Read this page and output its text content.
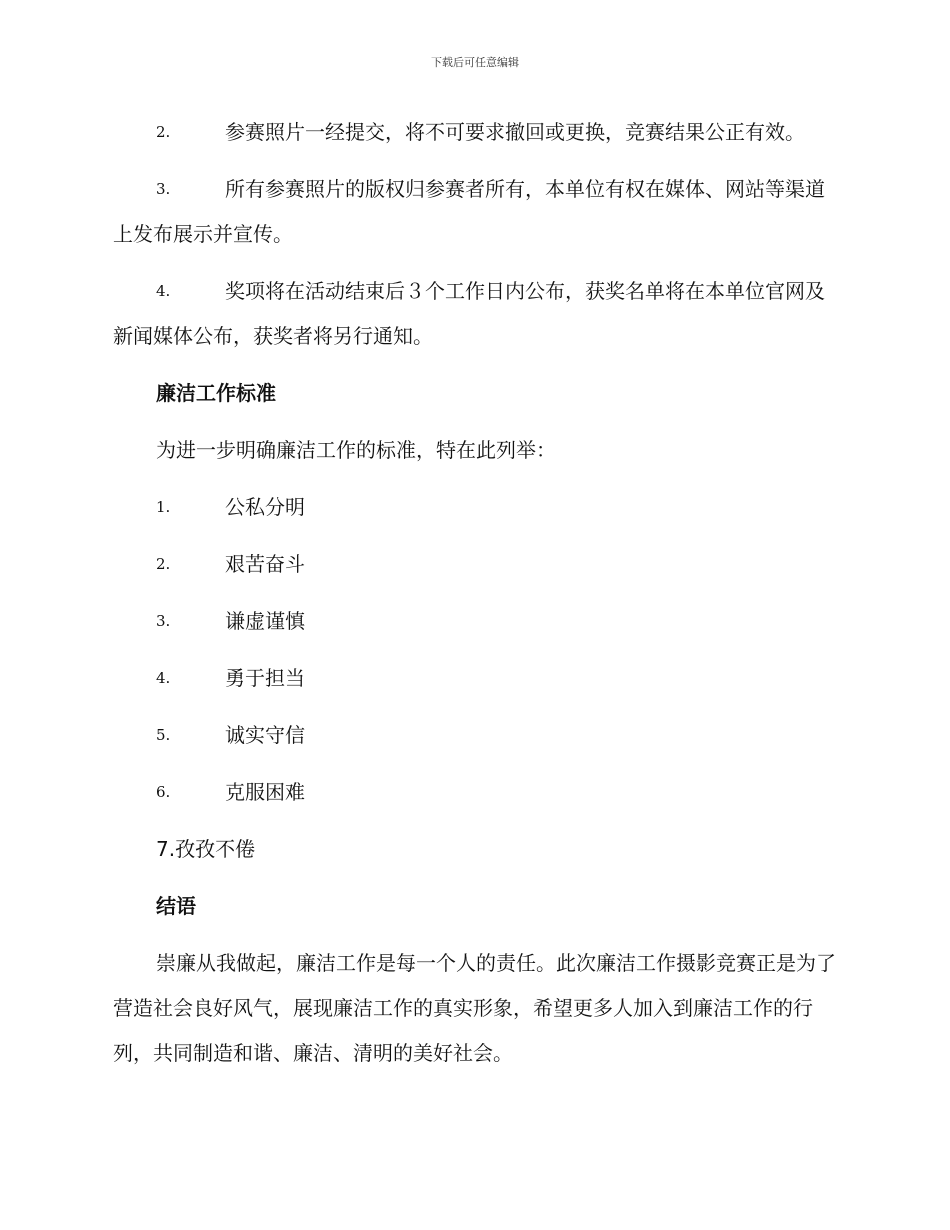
下载后可任意编辑
2.	参赛照片一经提交，将不可要求撤回或更换，竞赛结果公正有效。
3.	所有参赛照片的版权归参赛者所有，本单位有权在媒体、网站等渠道上发布展示并宣传。
4.	奖项将在活动结束后３个工作日内公布，获奖名单将在本单位官网及新闻媒体公布，获奖者将另行通知。
廉洁工作标准
为进一步明确廉洁工作的标准，特在此列举：
1.	公私分明
2.	艰苦奋斗
3.	谦虚谨慎
4.	勇于担当
5.	诚实守信
6.	克服困难
7.孜孜不倦
结语
崇廉从我做起，廉洁工作是每一个人的责任。此次廉洁工作摄影竞赛正是为了营造社会良好风气，展现廉洁工作的真实形象，希望更多人加入到廉洁工作的行列，共同制造和谐、廉洁、清明的美好社会。
